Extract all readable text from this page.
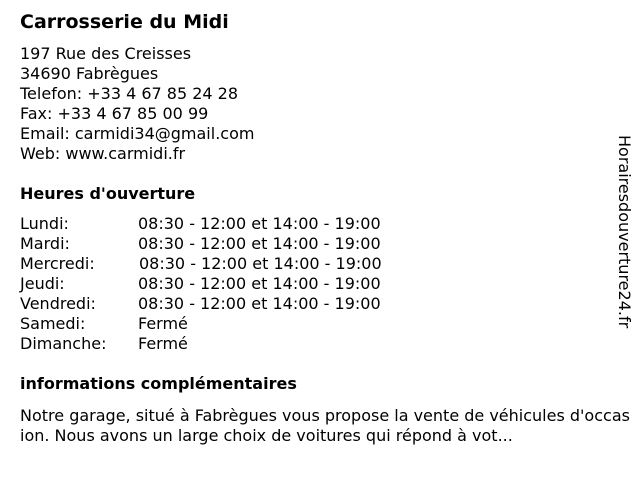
Carrosserie du Midi
197 Rue des Creisses
34690 Fabrègues
Telefon: +33 4 67 85 24 28
Fax: +33 4 67 85 00 99
Email: carmidi34@gmail.com
Web: www.carmidi.fr
Heures d'ouverture
Lundi:	08:30 - 12:00 et 14:00 - 19:00
Mardi:	08:30 - 12:00 et 14:00 - 19:00
Mercredi:	08:30 - 12:00 et 14:00 - 19:00
Jeudi:	08:30 - 12:00 et 14:00 - 19:00
Vendredi:	08:30 - 12:00 et 14:00 - 19:00
Samedi:	Fermé
Dimanche: Fermé
informations complémentaires
Notre garage, situé à Fabrègues vous propose la vente de véhicules d'occasion. Nous avons un large choix de voitures qui répond à vot...
Horairesdouverture24.fr
